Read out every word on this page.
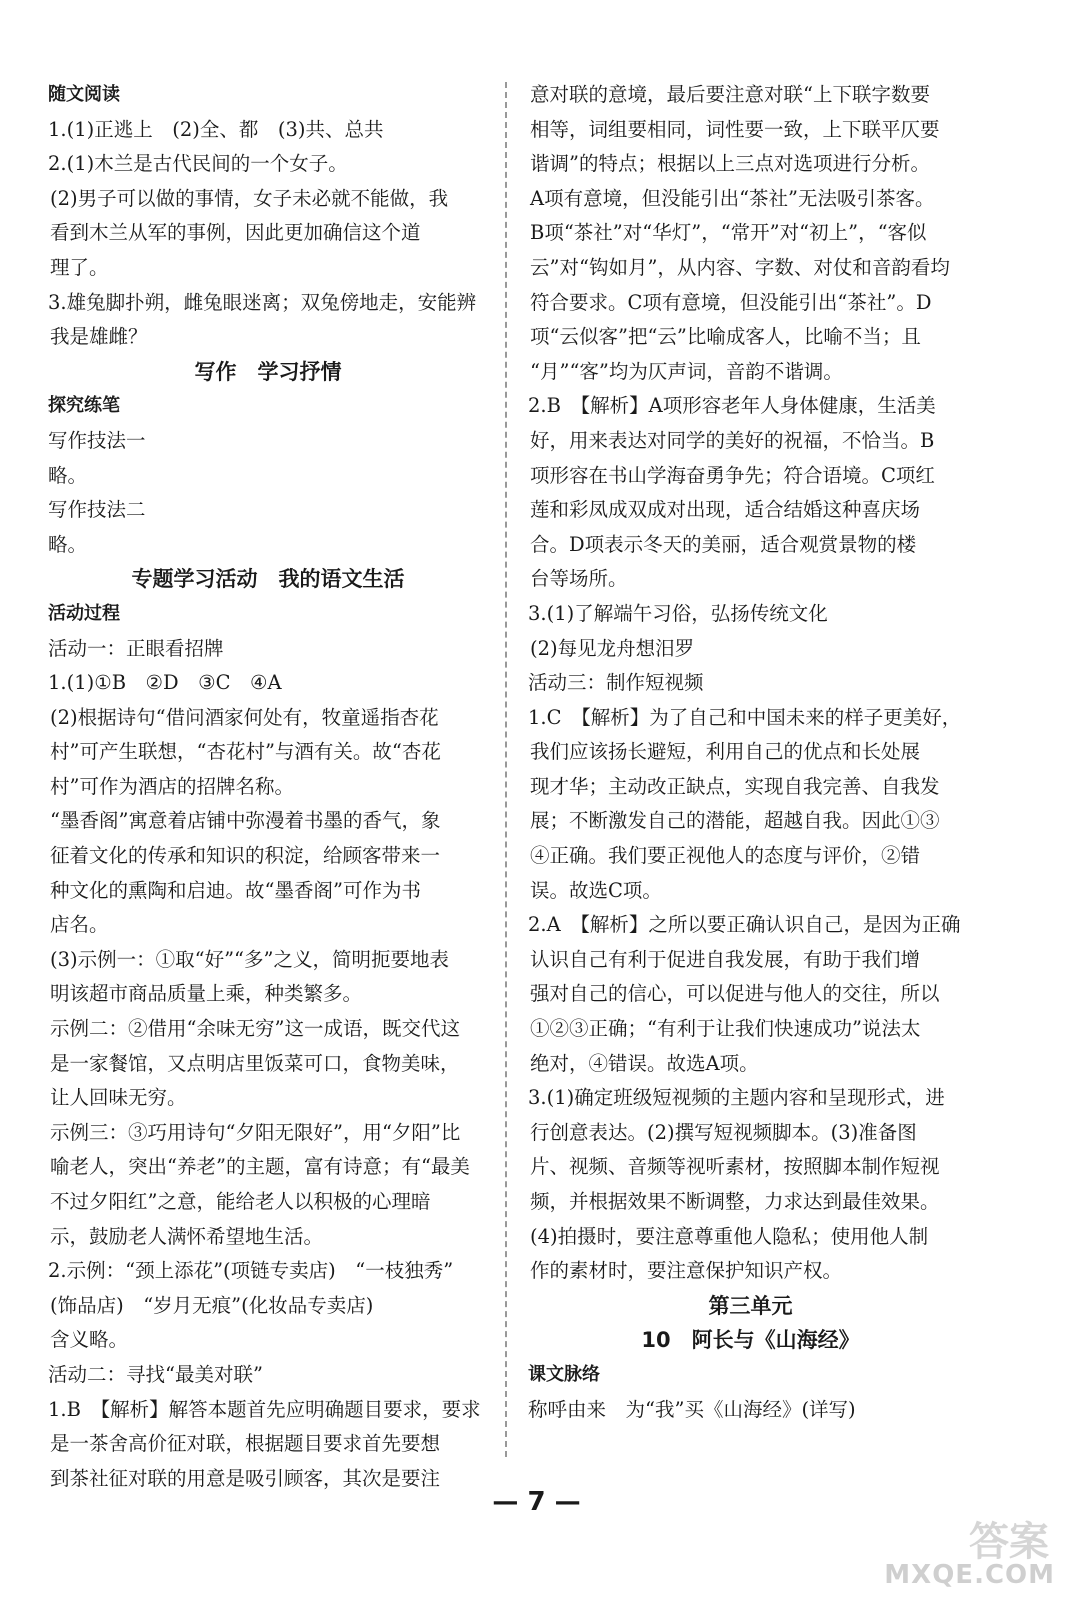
随文阅读
1.(1)正逃上　(2)全、都　(3)共、总共
2.(1)木兰是古代民间的一个女子。
(2)男子可以做的事情，女子未必就不能做，我
看到木兰从军的事例，因此更加确信这个道
理了。
3.雄兔脚扑朔，雌兔眼迷离；双兔傍地走，安能辨
我是雄雌？
写作　学习抒情
探究练笔
写作技法一
略。
写作技法二
略。
专题学习活动　我的语文生活
活动过程
活动一：正眼看招牌
1.(1)①B　②D　③C　④A
(2)根据诗句“借问酒家何处有，牧童遥指杏花
村”可产生联想，“杏花村”与酒有关。故“杏花
村”可作为酒店的招牌名称。
“墨香阁”寓意着店铺中弥漫着书墨的香气，象
征着文化的传承和知识的积淀，给顾客带来一
种文化的熏陶和启迪。故“墨香阁”可作为书
店名。
(3)示例一：①取“好”“多”之义，简明扼要地表
明该超市商品质量上乘，种类繁多。
示例二：②借用“余味无穷”这一成语，既交代这
是一家餐馆，又点明店里饭菜可口，食物美味，
让人回味无穷。
示例三：③巧用诗句“夕阳无限好”，用“夕阳”比
喻老人，突出“养老”的主题，富有诗意；有“最美
不过夕阳红”之意，能给老人以积极的心理暗
示，鼓励老人满怀希望地生活。
2.示例：“颈上添花”(项链专卖店)　“一枝独秀”
(饰品店)　“岁月无痕”(化妆品专卖店)
含义略。
活动二：寻找“最美对联”
1.B　【解析】解答本题首先应明确题目要求，要求
是一茶舍高价征对联，根据题目要求首先要想
到茶社征对联的用意是吸引顾客，其次是要注
意对联的意境，最后要注意对联“上下联字数要
相等，词组要相同，词性要一致，上下联平仄要
谐调”的特点；根据以上三点对选项进行分析。
A项有意境，但没能引出“茶社”无法吸引茶客。
B项“茶社”对“华灯”，“常开”对“初上”，“客似
云”对“钩如月”，从内容、字数、对仗和音韵看均
符合要求。C项有意境，但没能引出“茶社”。D
项“云似客”把“云”比喻成客人，比喻不当；且
“月”“客”均为仄声词，音韵不谐调。
2.B　【解析】A项形容老年人身体健康，生活美
好，用来表达对同学的美好的祝福，不恰当。B
项形容在书山学海奋勇争先；符合语境。C项红
莲和彩凤成双成对出现，适合结婚这种喜庆场
合。D项表示冬天的美丽，适合观赏景物的楼
台等场所。
3.(1)了解端午习俗，弘扬传统文化
(2)每见龙舟想汨罗
活动三：制作短视频
1.C　【解析】为了自己和中国未来的样子更美好，
我们应该扬长避短，利用自己的优点和长处展
现才华；主动改正缺点，实现自我完善、自我发
展；不断激发自己的潜能，超越自我。因此①③
④正确。我们要正视他人的态度与评价，②错
误。故选C项。
2.A　【解析】之所以要正确认识自己，是因为正确
认识自己有利于促进自我发展，有助于我们增
强对自己的信心，可以促进与他人的交往，所以
①②③正确；“有利于让我们快速成功”说法太
绝对，④错误。故选A项。
3.(1)确定班级短视频的主题内容和呈现形式，进
行创意表达。(2)撰写短视频脚本。(3)准备图
片、视频、音频等视听素材，按照脚本制作短视
频，并根据效果不断调整，力求达到最佳效果。
(4)拍摄时，要注意尊重他人隐私；使用他人制
作的素材时，要注意保护知识产权。
第三单元
10　阿长与《山海经》
课文脉络
称呼由来　为“我”买《山海经》(详写)
— 7 —
答案
MXQE.COM
